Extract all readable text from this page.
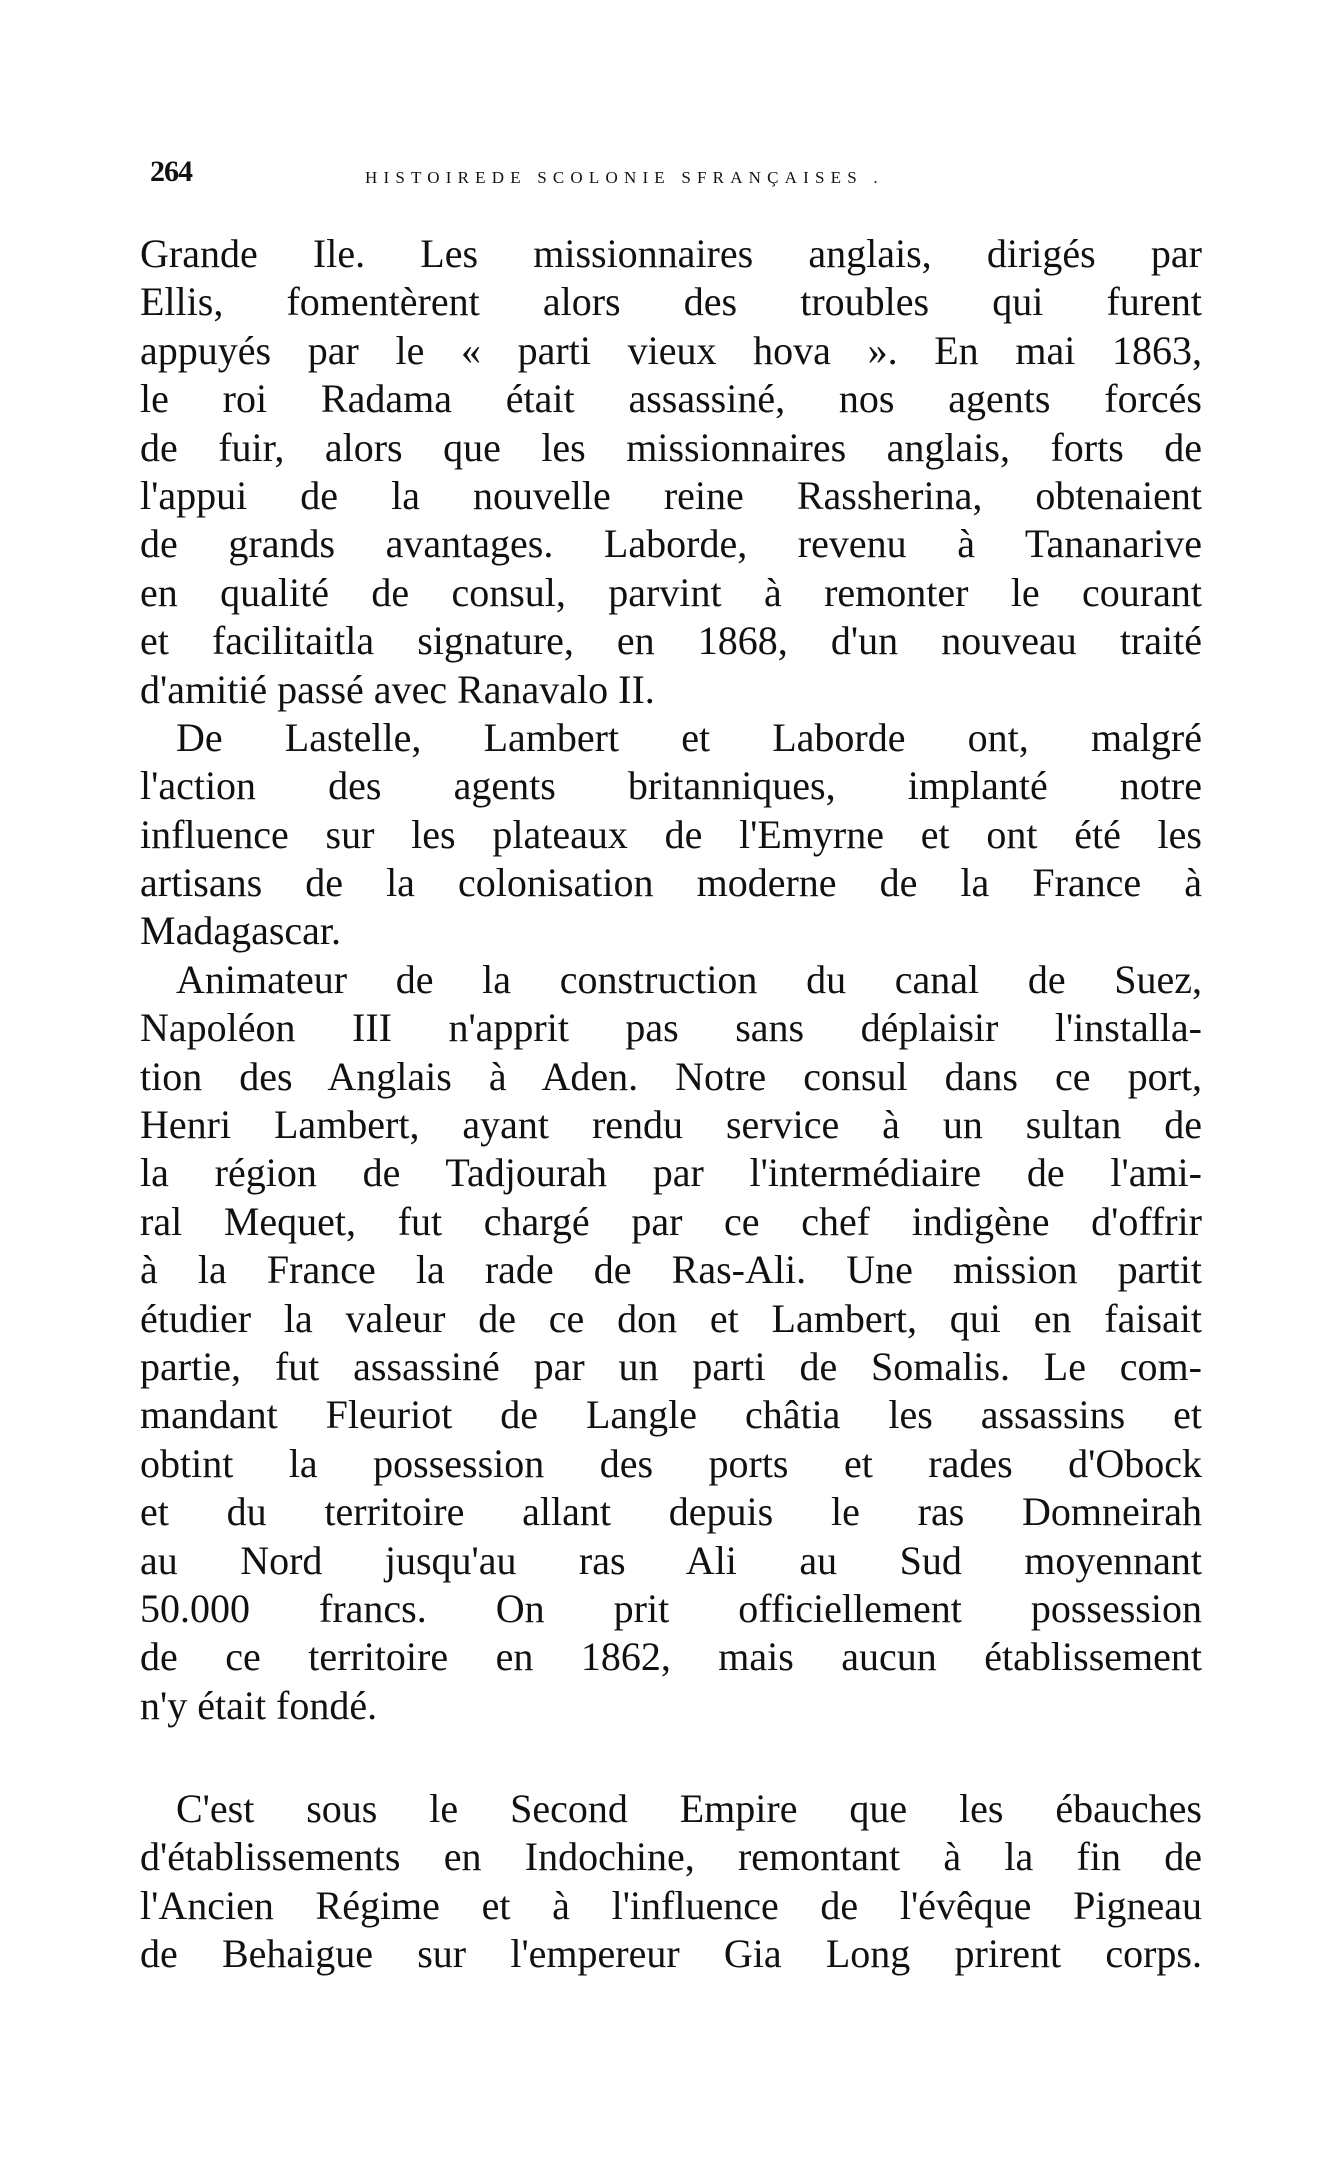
264	HISTOIREDE SCOLONIE SFRANÇAISES .
Grande Ile. Les missionnaires anglais, dirigés par
Ellis, fomentèrent alors des troubles qui furent
appuyés par le « parti vieux hova ». En mai 1863,
le roi Radama était assassiné, nos agents forcés
de fuir, alors que les missionnaires anglais, forts de
l'appui de la nouvelle reine Rassherina, obtenaient
de grands avantages. Laborde, revenu à Tananarive
en qualité de consul, parvint à remonter le courant
et facilitaitla signature, en 1868, d'un nouveau traité
d'amitié passé avec Ranavalo II.
De Lastelle, Lambert et Laborde ont, malgré
l'action des agents britanniques, implanté notre
influence sur les plateaux de l'Emyrne et ont été les
artisans de la colonisation moderne de la France à
Madagascar.
Animateur de la construction du canal de Suez,
Napoléon III n'apprit pas sans déplaisir l'installa-
tion des Anglais à Aden. Notre consul dans ce port,
Henri Lambert, ayant rendu service à un sultan de
la région de Tadjourah par l'intermédiaire de l'ami-
ral Mequet, fut chargé par ce chef indigène d'offrir
à la France la rade de Ras-Ali. Une mission partit
étudier la valeur de ce don et Lambert, qui en faisait
partie, fut assassiné par un parti de Somalis. Le com-
mandant Fleuriot de Langle châtia les assassins et
obtint la possession des ports et rades d'Obock
et du territoire allant depuis le ras Domneirah
au Nord jusqu'au ras Ali au Sud moyennant
50.000 francs. On prit officiellement possession
de ce territoire en 1862, mais aucun établissement
n'y était fondé.
C'est sous le Second Empire que les ébauches
d'établissements en Indochine, remontant à la fin de
l'Ancien Régime et à l'influence de l'évêque Pigneau
de Behaigue sur l'empereur Gia Long prirent corps.
